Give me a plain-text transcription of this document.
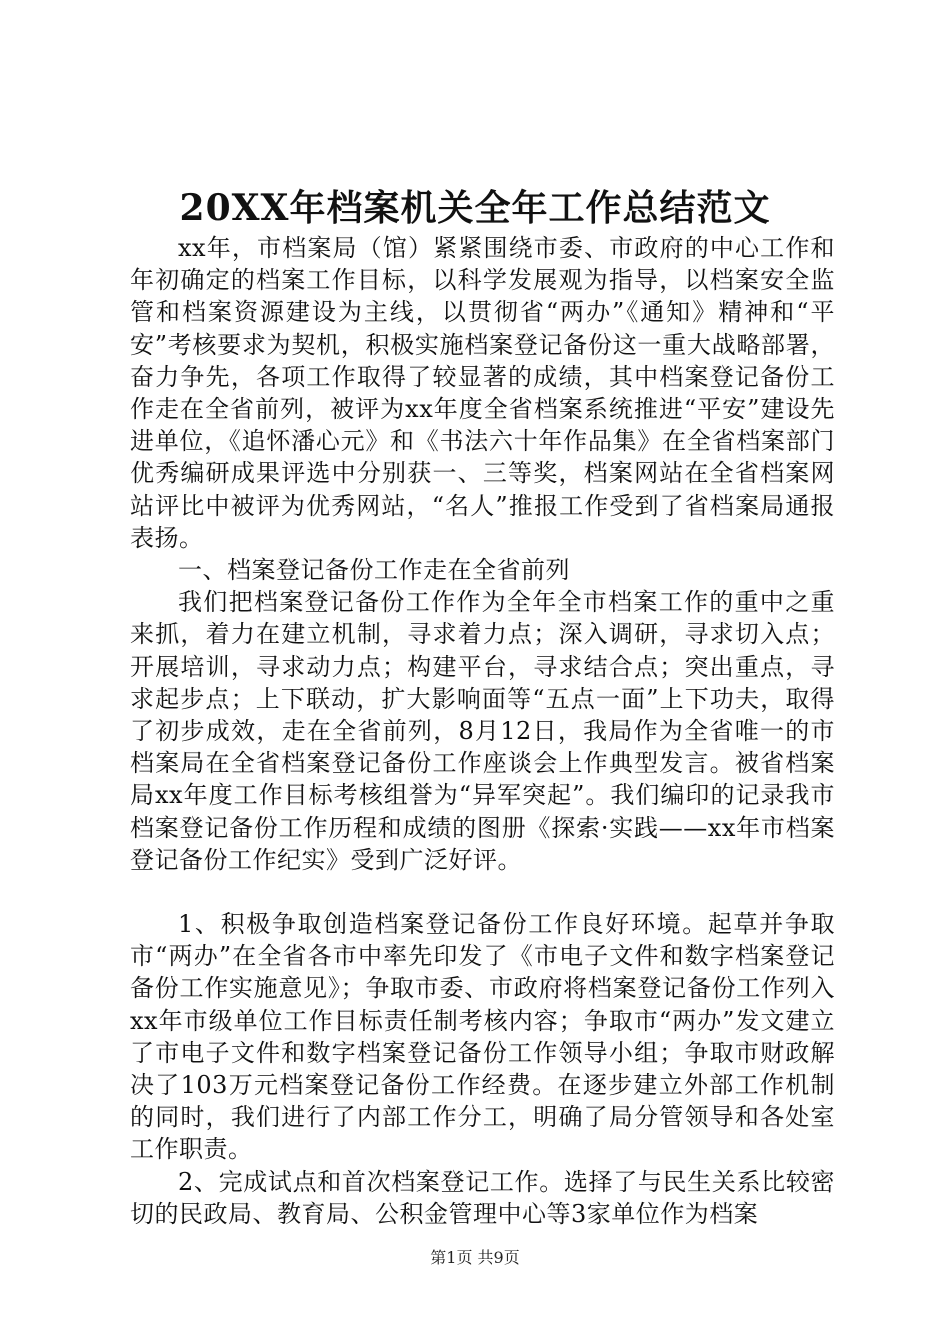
20XX年档案机关全年工作总结范文

xx年，市档案局（馆）紧紧围绕市委、市政府的中心工作和年初确定的档案工作目标，以科学发展观为指导，以档案安全监管和档案资源建设为主线，以贯彻省“两办”《通知》精神和“平安”考核要求为契机，积极实施档案登记备份这一重大战略部署，奋力争先，各项工作取得了较显著的成绩，其中档案登记备份工作走在全省前列，被评为xx年度全省档案系统推进“平安”建设先进单位，《追怀潘心元》和《书法六十年作品集》在全省档案部门优秀编研成果评选中分别获一、三等奖，档案网站在全省档案网站评比中被评为优秀网站，“名人”推报工作受到了省档案局通报表扬。

一、档案登记备份工作走在全省前列

我们把档案登记备份工作作为全年全市档案工作的重中之重来抓，着力在建立机制，寻求着力点；深入调研，寻求切入点；开展培训，寻求动力点；构建平台，寻求结合点；突出重点，寻求起步点；上下联动，扩大影响面等“五点一面”上下功夫，取得了初步成效，走在全省前列，8月12日，我局作为全省唯一的市档案局在全省档案登记备份工作座谈会上作典型发言。被省档案局xx年度工作目标考核组誉为“异军突起”。我们编印的记录我市档案登记备份工作历程和成绩的图册《探索·实践——xx年市档案登记备份工作纪实》受到广泛好评。

1、积极争取创造档案登记备份工作良好环境。起草并争取市“两办”在全省各市中率先印发了《市电子文件和数字档案登记备份工作实施意见》；争取市委、市政府将档案登记备份工作列入xx年市级单位工作目标责任制考核内容；争取市“两办”发文建立了市电子文件和数字档案登记备份工作领导小组；争取市财政解决了103万元档案登记备份工作经费。在逐步建立外部工作机制的同时，我们进行了内部工作分工，明确了局分管领导和各处室工作职责。

2、完成试点和首次档案登记工作。选择了与民生关系比较密切的民政局、教育局、公积金管理中心等3家单位作为档案

第1页 共9页
